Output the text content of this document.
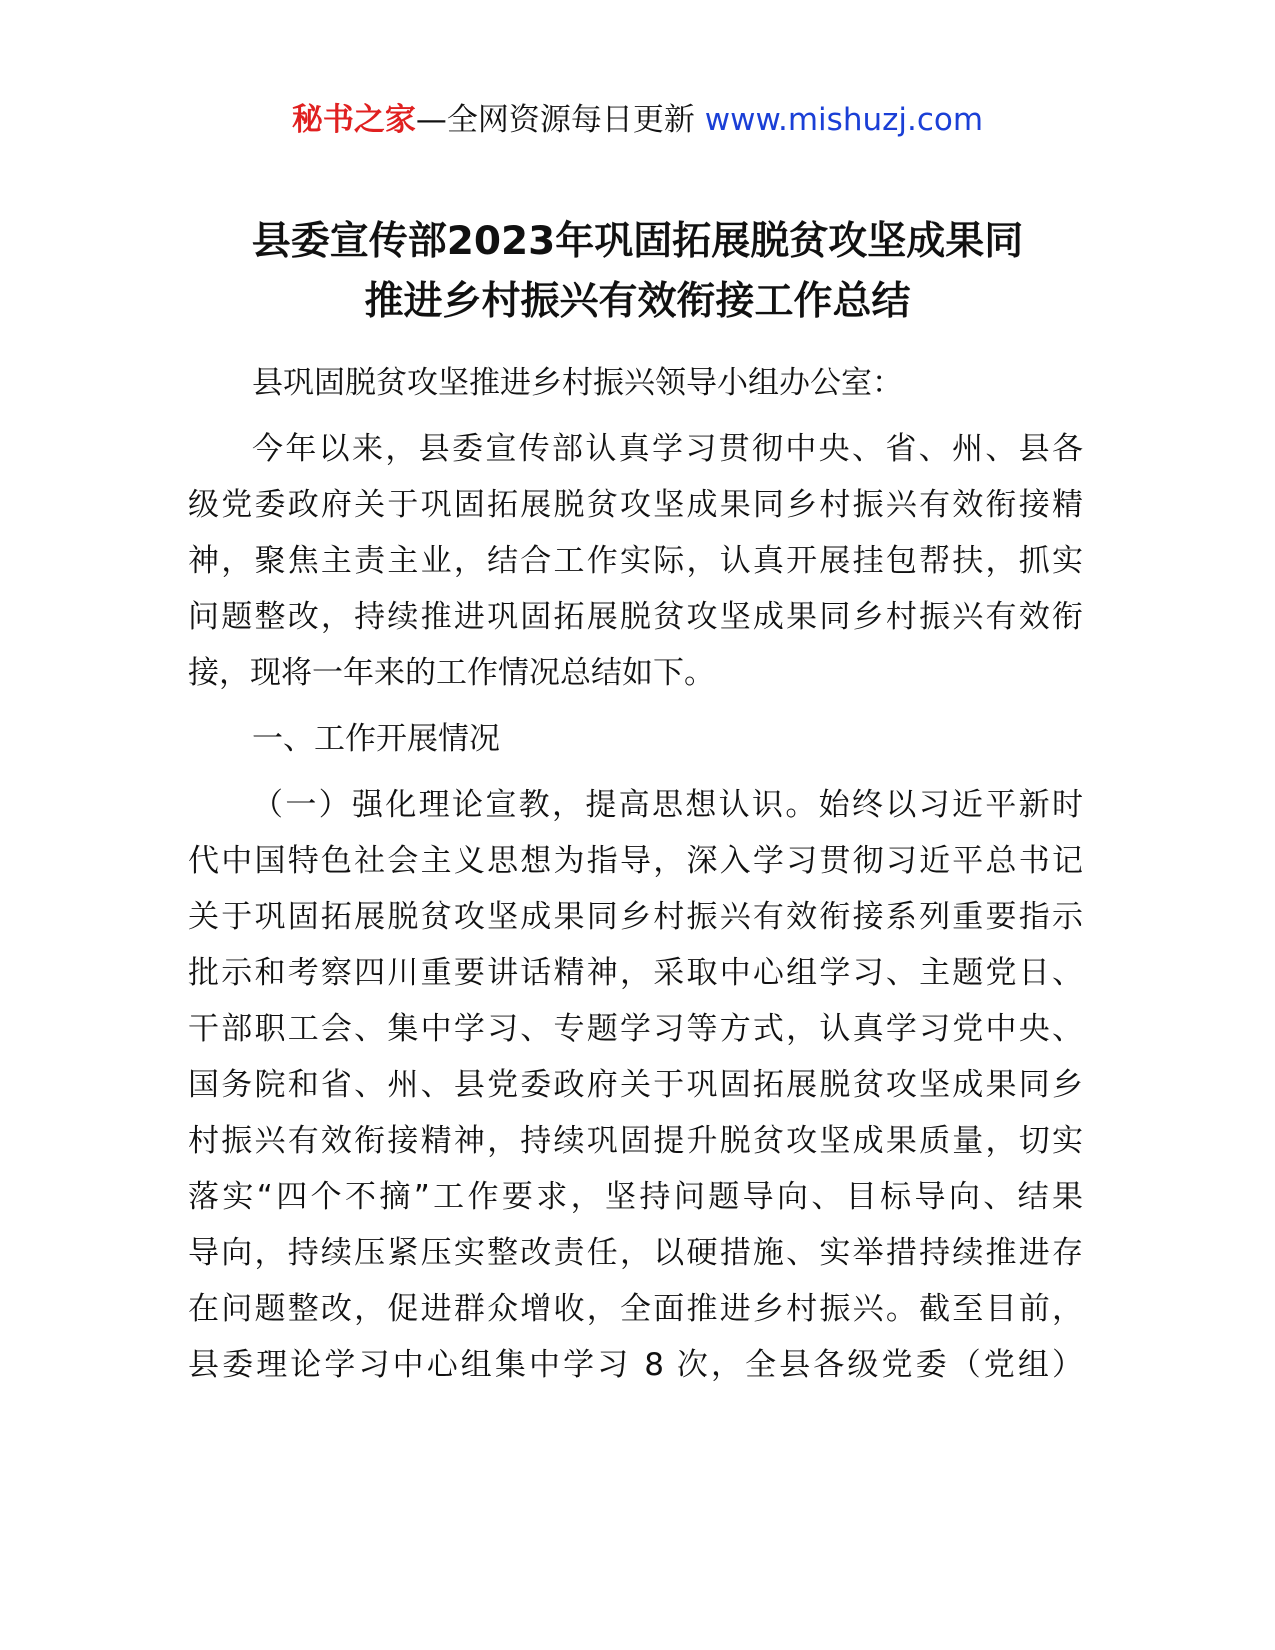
秘书之家—全网资源每日更新 www.mishuzj.com
县委宣传部2023年巩固拓展脱贫攻坚成果同
推进乡村振兴有效衔接工作总结
县巩固脱贫攻坚推进乡村振兴领导小组办公室：
今年以来，县委宣传部认真学习贯彻中央、省、州、县各
级党委政府关于巩固拓展脱贫攻坚成果同乡村振兴有效衔接精
神，聚焦主责主业，结合工作实际，认真开展挂包帮扶，抓实
问题整改，持续推进巩固拓展脱贫攻坚成果同乡村振兴有效衔
接，现将一年来的工作情况总结如下。
一、工作开展情况
（一）强化理论宣教，提高思想认识。始终以习近平新时
代中国特色社会主义思想为指导，深入学习贯彻习近平总书记
关于巩固拓展脱贫攻坚成果同乡村振兴有效衔接系列重要指示
批示和考察四川重要讲话精神，采取中心组学习、主题党日、
干部职工会、集中学习、专题学习等方式，认真学习党中央、
国务院和省、州、县党委政府关于巩固拓展脱贫攻坚成果同乡
村振兴有效衔接精神，持续巩固提升脱贫攻坚成果质量，切实
落实“四个不摘”工作要求，坚持问题导向、目标导向、结果
导向，持续压紧压实整改责任，以硬措施、实举措持续推进存
在问题整改，促进群众增收，全面推进乡村振兴。截至目前，
县委理论学习中心组集中学习 8 次，全县各级党委（党组）
